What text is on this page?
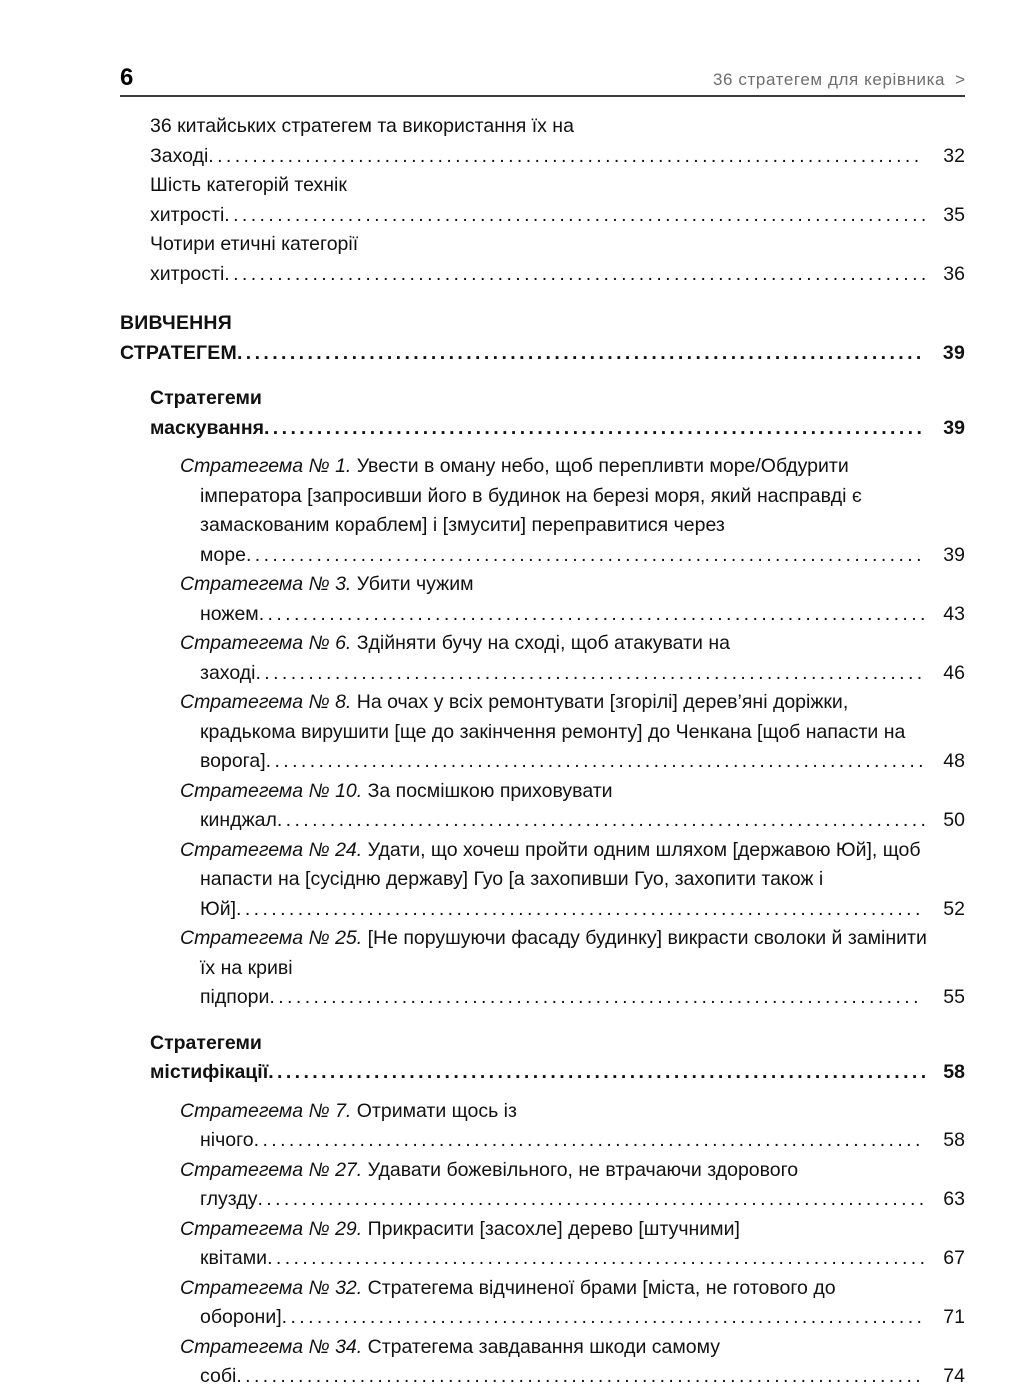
6	36 стратегем для керівника >
36 китайських стратегем та використання їх на Заході.................................................................................	32
Шість категорій технік хитрості................................................................................ 35
Чотири етичні категорії хитрості................................................................................ 36
ВИВЧЕННЯ СТРАТЕГЕМ.............................................................................. 39
Стратегеми маскування........................................................................... 39
Стратегема № 1. Увести в оману небо, щоб перепливти море/Обдурити імператора [запросивши його в будинок на березі моря, який насправді є замаскованим кораблем] і [змусити] переправитися через море............................................................................. 39
Стратегема № 3. Убити чужим ножем............................................................................ 43
Стратегема № 6. Здійняти бучу на сході, щоб атакувати на заході............................................................................ 46
Стратегема № 8. На очах у всіх ремонтувати [згорілі] дерев’яні доріжки, крадькома вирушити [ще до закінчення ремонту] до Ченкана [щоб напасти на ворога]........................................................................... 48
Стратегема № 10. За посмішкою приховувати кинджал.......................................................................... 50
Стратегема № 24. Удати, що хочеш пройти одним шляхом [державою Юй], щоб напасти на [сусідню державу] Гуо [а захопивши Гуо, захопити також і Юй].............................................................................. 52
Стратегема № 25. [Не порушуючи фасаду будинку] викрасти сволоки й замінити їх на криві підпори..........................................................................	55
Стратегеми містифікації........................................................................... 58
Стратегема № 7. Отримати щось із нічого............................................................................	58
Стратегема № 27. Удавати божевільного, не втрачаючи здорового глузду............................................................................ 63
Стратегема № 29. Прикрасити [засохле] дерево [штучними] квітами........................................................................... 67
Стратегема № 32. Стратегема відчиненої брами [міста, не готового до оборони]......................................................................... 71
Стратегема № 34. Стратегема завдавання шкоди самому собі.............................................................................. 74
